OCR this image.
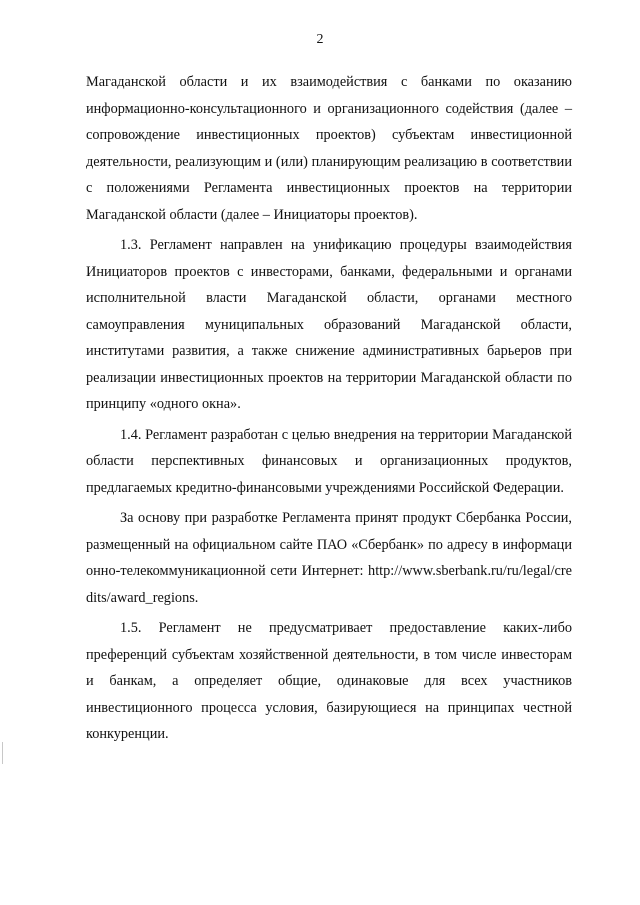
2

Магаданской области и их взаимодействия с банками по оказанию информационно-консультационного и организационного содействия (далее – сопровождение инвестиционных проектов) субъектам инвестиционной деятельности, реализующим и (или) планирующим реализацию в соответствии с положениями Регламента инвестиционных проектов на территории Магаданской области (далее – Инициаторы проектов).

1.3. Регламент направлен на унификацию процедуры взаимодействия Инициаторов проектов с инвесторами, банками, федеральными и органами исполнительной власти Магаданской области, органами местного самоуправления муниципальных образований Магаданской области, институтами развития, а также снижение административных барьеров при реализации инвестиционных проектов на территории Магаданской области по принципу «одного окна».

1.4. Регламент разработан с целью внедрения на территории Магаданской области перспективных финансовых и организационных продуктов, предлагаемых кредитно-финансовыми учреждениями Российской Федерации.

За основу при разработке Регламента принят продукт Сбербанка России, размещенный на официальном сайте ПАО «Сбербанк» по адресу в информационно-телекоммуникационной сети Интернет: http://www.sberbank.ru/ru/legal/credits/award_regions.

1.5. Регламент не предусматривает предоставление каких-либо преференций субъектам хозяйственной деятельности, в том числе инвесторам и банкам, а определяет общие, одинаковые для всех участников инвестиционного процесса условия, базирующиеся на принципах честной конкуренции.
